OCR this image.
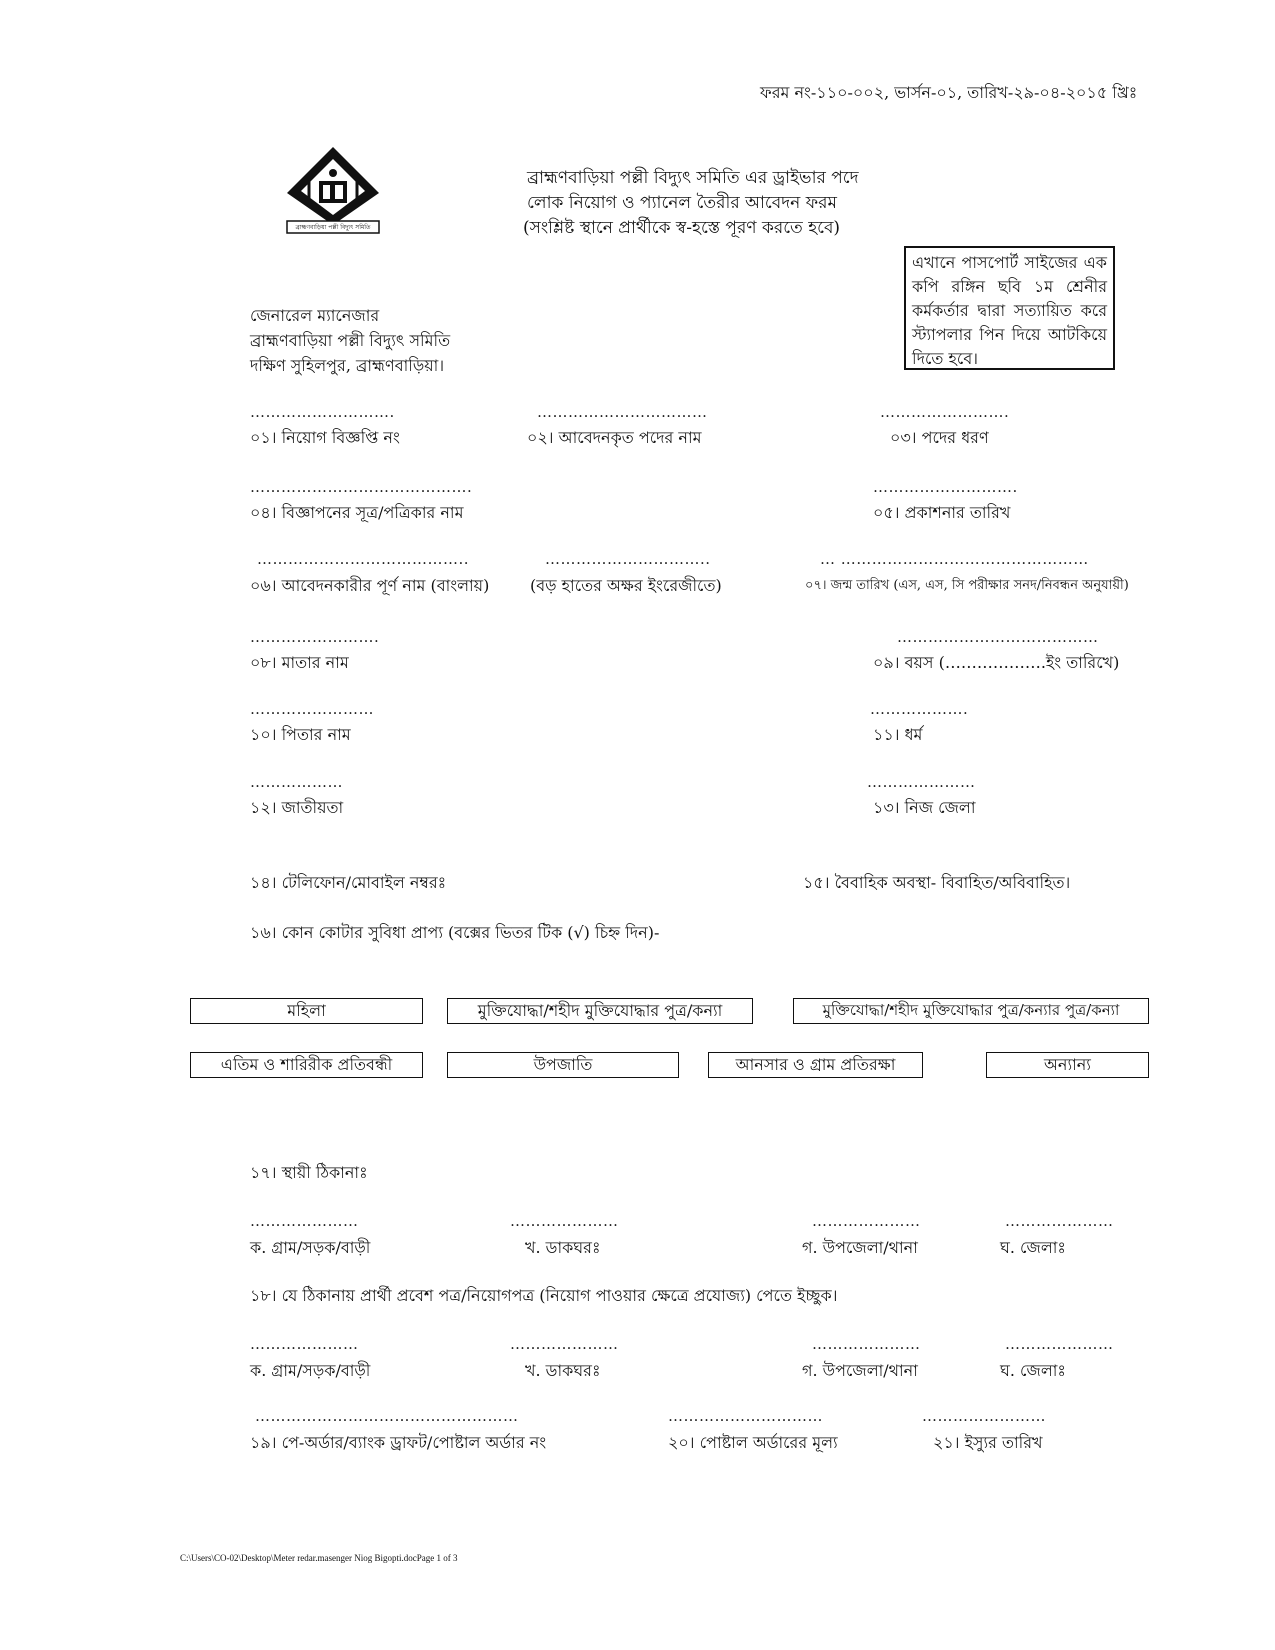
ফরম নং-১১০-০০২, ভার্সন-০১, তারিখ-২৯-০৪-২০১৫ খ্রিঃ
ব্রাহ্মণবাড়িয়া পল্লী বিদ্যুৎ সমিতি
ব্রাহ্মণবাড়িয়া পল্লী বিদ্যুৎ সমিতি এর ড্রাইভার পদে
লোক নিয়োগ ও প্যানেল তৈরীর আবেদন ফরম
(সংশ্লিষ্ট স্থানে প্রার্থীকে স্ব-হস্তে পূরণ করতে হবে)
এখানে পাসপোর্ট সাইজের এক কপি রঙ্গিন ছবি ১ম শ্রেনীর কর্মকর্তার দ্বারা সত্যায়িত করে স্ট্যাপলার পিন দিয়ে আটকিয়ে দিতে হবে।
জেনারেল ম্যানেজার
ব্রাহ্মণবাড়িয়া পল্লী বিদ্যুৎ সমিতি
দক্ষিণ সুহিলপুর, ব্রাহ্মণবাড়িয়া।
……………………….	……………………………	…………………….
০১। নিয়োগ বিজ্ঞপ্তি নং	০২। আবেদনকৃত পদের নাম	০৩। পদের ধরণ
…………………………………….	……………………….
০৪। বিজ্ঞাপনের সূত্র/পত্রিকার নাম	০৫। প্রকাশনার তারিখ
…………………………………..	…………………………..	… …………………………………………
০৬। আবেদনকারীর পূর্ণ নাম (বাংলায়)	(বড় হাতের অক্ষর ইংরেজীতে)	০৭। জন্ম তারিখ (এস, এস, সি পরীক্ষার সনদ/নিবন্ধন অনুযায়ী)
…………………….	…………………………………
০৮। মাতার নাম	০৯। বয়স (……………….ইং তারিখে)
……………………	……………….
১০। পিতার নাম	১১। ধর্ম
………………	…………………
১২। জাতীয়তা	১৩। নিজ জেলা
১৪। টেলিফোন/মোবাইল নম্বরঃ	১৫। বৈবাহিক অবস্থা- বিবাহিত/অবিবাহিত।
১৬। কোন কোটার সুবিধা প্রাপ্য (বক্সের ভিতর টিক (√) চিহ্ন দিন)-
মহিলা	মুক্তিযোদ্ধা/শহীদ মুক্তিযোদ্ধার পুত্র/কন্যা	মুক্তিযোদ্ধা/শহীদ মুক্তিযোদ্ধার পুত্র/কন্যার পুত্র/কন্যা
এতিম ও শারিরীক প্রতিবন্ধী	উপজাতি	আনসার ও গ্রাম প্রতিরক্ষা	অন্যান্য
১৭। স্থায়ী ঠিকানাঃ
…………………	…………………	…………………	…………………
ক. গ্রাম/সড়ক/বাড়ী	খ. ডাকঘরঃ	গ. উপজেলা/থানা	ঘ. জেলাঃ
১৮। যে ঠিকানায় প্রার্থী প্রবেশ পত্র/নিয়োগপত্র (নিয়োগ পাওয়ার ক্ষেত্রে প্রযোজ্য) পেতে ইচ্ছুক।
…………………	…………………	…………………	…………………
ক. গ্রাম/সড়ক/বাড়ী	খ. ডাকঘরঃ	গ. উপজেলা/থানা	ঘ. জেলাঃ
……………………………………………	…………………………	……………………
১৯। পে-অর্ডার/ব্যাংক ড্রাফট/পোষ্টাল অর্ডার নং	২০। পোষ্টাল অর্ডারের মূল্য	২১। ইস্যুর তারিখ
C:\Users\CO-02\Desktop\Meter redar.masenger Niog Bigopti.docPage 1 of 3
